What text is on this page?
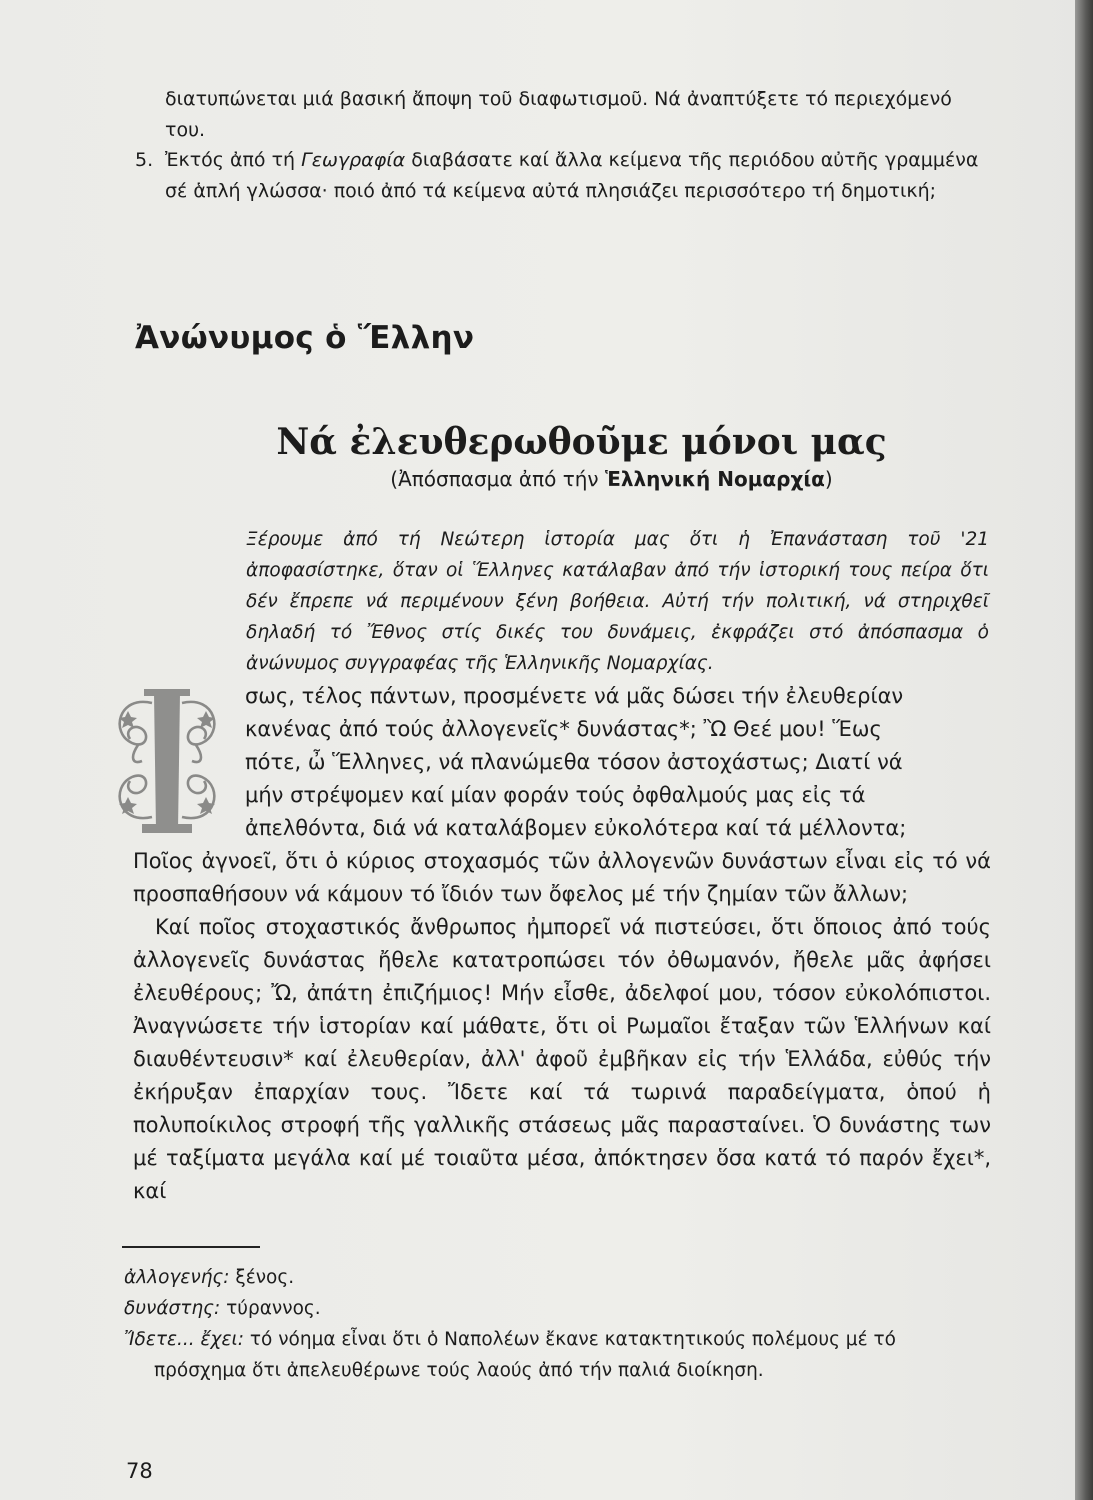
διατυπώνεται μιά βασική ἄποψη τοῦ διαφωτισμοῦ. Νά ἀναπτύξετε τό περιεχόμενό του.
5. Ἐκτός ἀπό τή Γεωγραφία διαβάσατε καί ἄλλα κείμενα τῆς περιόδου αὐτῆς γραμμένα σέ ἁπλή γλώσσα· ποιό ἀπό τά κείμενα αὐτά πλησιάζει περισσότερο τή δημοτική;
Ἀνώνυμος ὁ Ἕλλην
Νά ἐλευθερωθοῦμε μόνοι μας
(Ἀπόσπασμα ἀπό τήν Ἑλληνική Νομαρχία)

Ξέρουμε ἀπό τή Νεώτερη ἱστορία μας ὅτι ἡ Ἐπανάσταση τοῦ '21 ἀποφασίστηκε, ὅταν οἱ Ἕλληνες κατάλαβαν ἀπό τήν ἱστορική τους πείρα ὅτι δέν ἔπρεπε νά περιμένουν ξένη βοήθεια. Αὐτή τήν πολιτική, νά στηριχθεῖ δηλαδή τό Ἔθνος στίς δικές του δυνάμεις, ἐκφράζει στό ἀπόσπασμα ὁ ἀνώνυμος συγγραφέας τῆς Ἑλληνικῆς Νομαρχίας.

σως, τέλος πάντων, προσμένετε νά μᾶς δώσει τήν ἐλευθερίαν
κανένας ἀπό τούς ἀλλογενεῖς* δυνάστας*; Ὢ Θεέ μου! Ἕως
πότε, ὦ Ἕλληνες, νά πλανώμεθα τόσον ἀστοχάστως; Διατί νά
μήν στρέψομεν καί μίαν φοράν τούς ὀφθαλμούς μας εἰς τά
ἀπελθόντα, διά νά καταλάβομεν εὐκολότερα καί τά μέλλοντα;
Ποῖος ἀγνοεῖ, ὅτι ὁ κύριος στοχασμός τῶν ἀλλογενῶν δυνάστων εἶναι εἰς τό νά προσπαθήσουν νά κάμουν τό ἴδιόν των ὄφελος μέ τήν ζημίαν τῶν ἄλλων;

Καί ποῖος στοχαστικός ἄνθρωπος ἠμπορεῖ νά πιστεύσει, ὅτι ὅποιος ἀπό τούς ἀλλογενεῖς δυνάστας ἤθελε κατατροπώσει τόν ὀθωμανόν, ἤθελε μᾶς ἀφήσει ἐλευθέρους; Ὤ, ἀπάτη ἐπιζήμιος! Μήν εἶσθε, ἀδελφοί μου, τόσον εὐκολόπιστοι. Ἀναγνώσετε τήν ἱστορίαν καί μάθατε, ὅτι οἱ Ρωμαῖοι ἔταξαν τῶν Ἑλλήνων καί διαυθέντευσιν* καί ἐλευθερίαν, ἀλλ' ἀφοῦ ἐμβῆκαν εἰς τήν Ἑλλάδα, εὐθύς τήν ἐκήρυξαν ἐπαρχίαν τους. Ἴδετε καί τά τωρινά παραδείγματα, ὁπού ἡ πολυποίκιλος στροφή τῆς γαλλικῆς στάσεως μᾶς παρασταίνει. Ὁ δυνάστης των μέ ταξίματα μεγάλα καί μέ τοιαῦτα μέσα, ἀπόκτησεν ὅσα κατά τό παρόν ἔχει*, καί

ἀλλογενής: ξένος.
δυνάστης: τύραννος.
Ἴδετε... ἔχει: τό νόημα εἶναι ὅτι ὁ Ναπολέων ἔκανε κατακτητικούς πολέμους μέ τό πρόσχημα ὅτι ἀπελευθέρωνε τούς λαούς ἀπό τήν παλιά διοίκηση.
78
